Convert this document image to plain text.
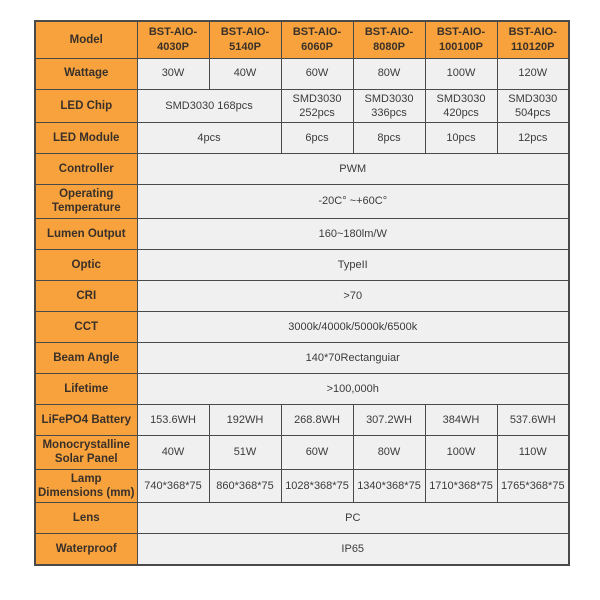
Model	BST-AIO-4030P	BST-AIO-5140P	BST-AIO-6060P	BST-AIO-8080P	BST-AIO-100100P	BST-AIO-110120P
Wattage	30W	40W	60W	80W	100W	120W
LED Chip	SMD3030 168pcs		SMD3030 252pcs	SMD3030 336pcs	SMD3030 420pcs	SMD3030 504pcs
LED Module	4pcs		6pcs	8pcs	10pcs	12pcs
Controller	PWM					
Operating Temperature	-20C° ~+60C°					
Lumen Output	160~180lm/W					
Optic	TypeII					
CRI	>70					
CCT	3000k/4000k/5000k/6500k					
Beam Angle	140*70Rectanguiar					
Lifetime	>100,000h					
LiFePO4 Battery	153.6WH	192WH	268.8WH	307.2WH	384WH	537.6WH
Monocrystalline Solar Panel	40W	51W	60W	80W	100W	110W
Lamp Dimensions (mm)	740*368*75	860*368*75	1028*368*75	1340*368*75	1710*368*75	1765*368*75
Lens	PC					
Waterproof	IP65					
